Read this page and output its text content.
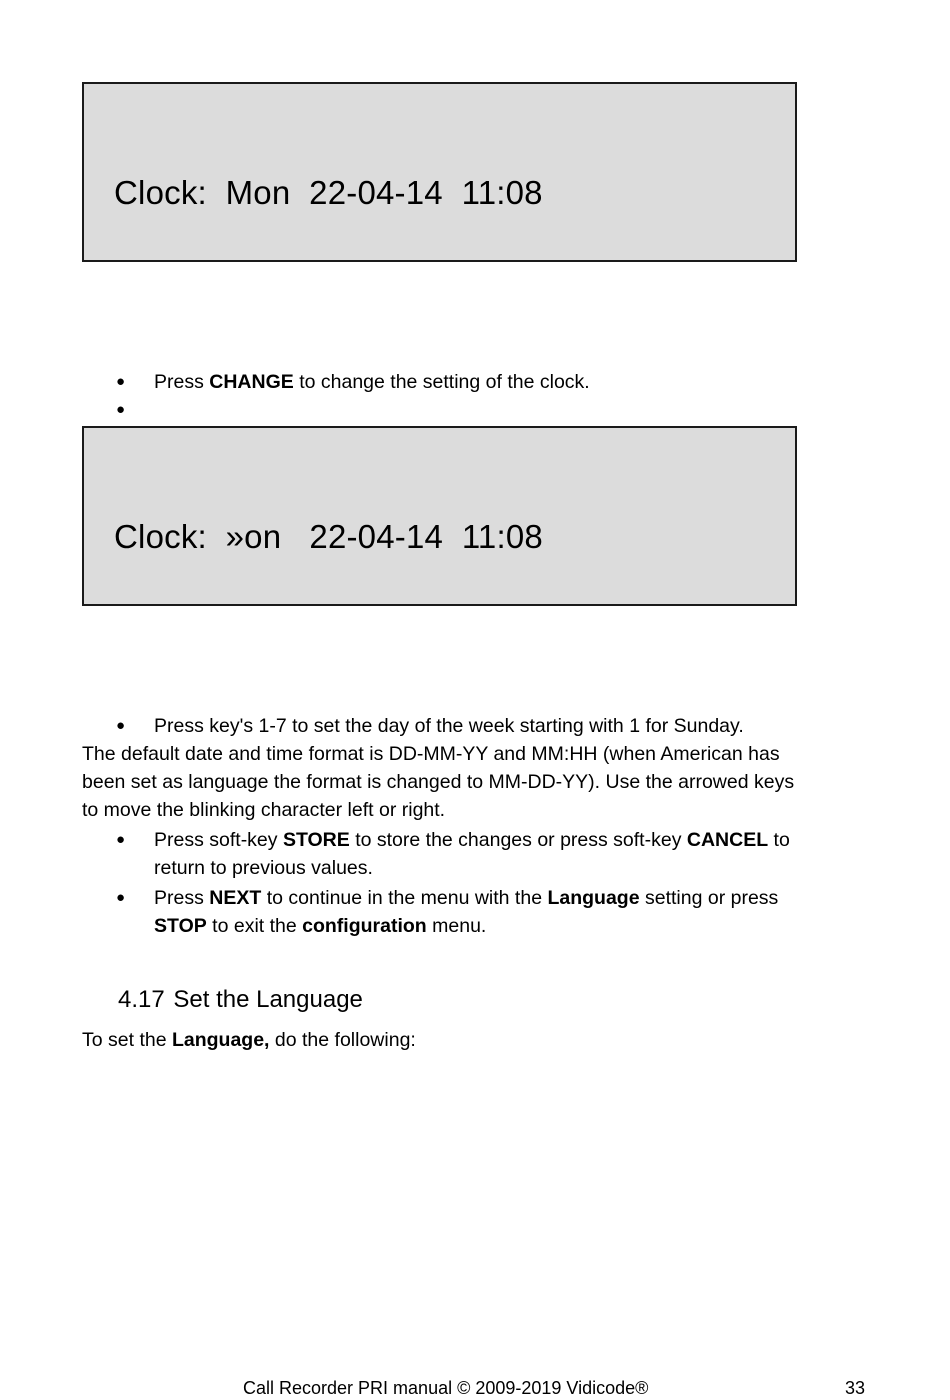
Clock:  Mon  22-04-14  11:08
● Press CHANGE to change the setting of the clock.
●
Clock:  »on   22-04-14  11:08
● Press key's 1-7 to set the day of the week starting with 1 for Sunday.
The default date and time format is DD-MM-YY and MM:HH (when American has
been set as language the format is changed to MM-DD-YY). Use the arrowed keys
to move the blinking character left or right.
● Press soft-key STORE to store the changes or press soft-key CANCEL to
return to previous values.
● Press NEXT to continue in the menu with the Language setting or press
STOP to exit the configuration menu.
4.17 Set the Language
To set the Language, do the following:
Call Recorder PRI manual © 2009-2019 Vidicode®	33
